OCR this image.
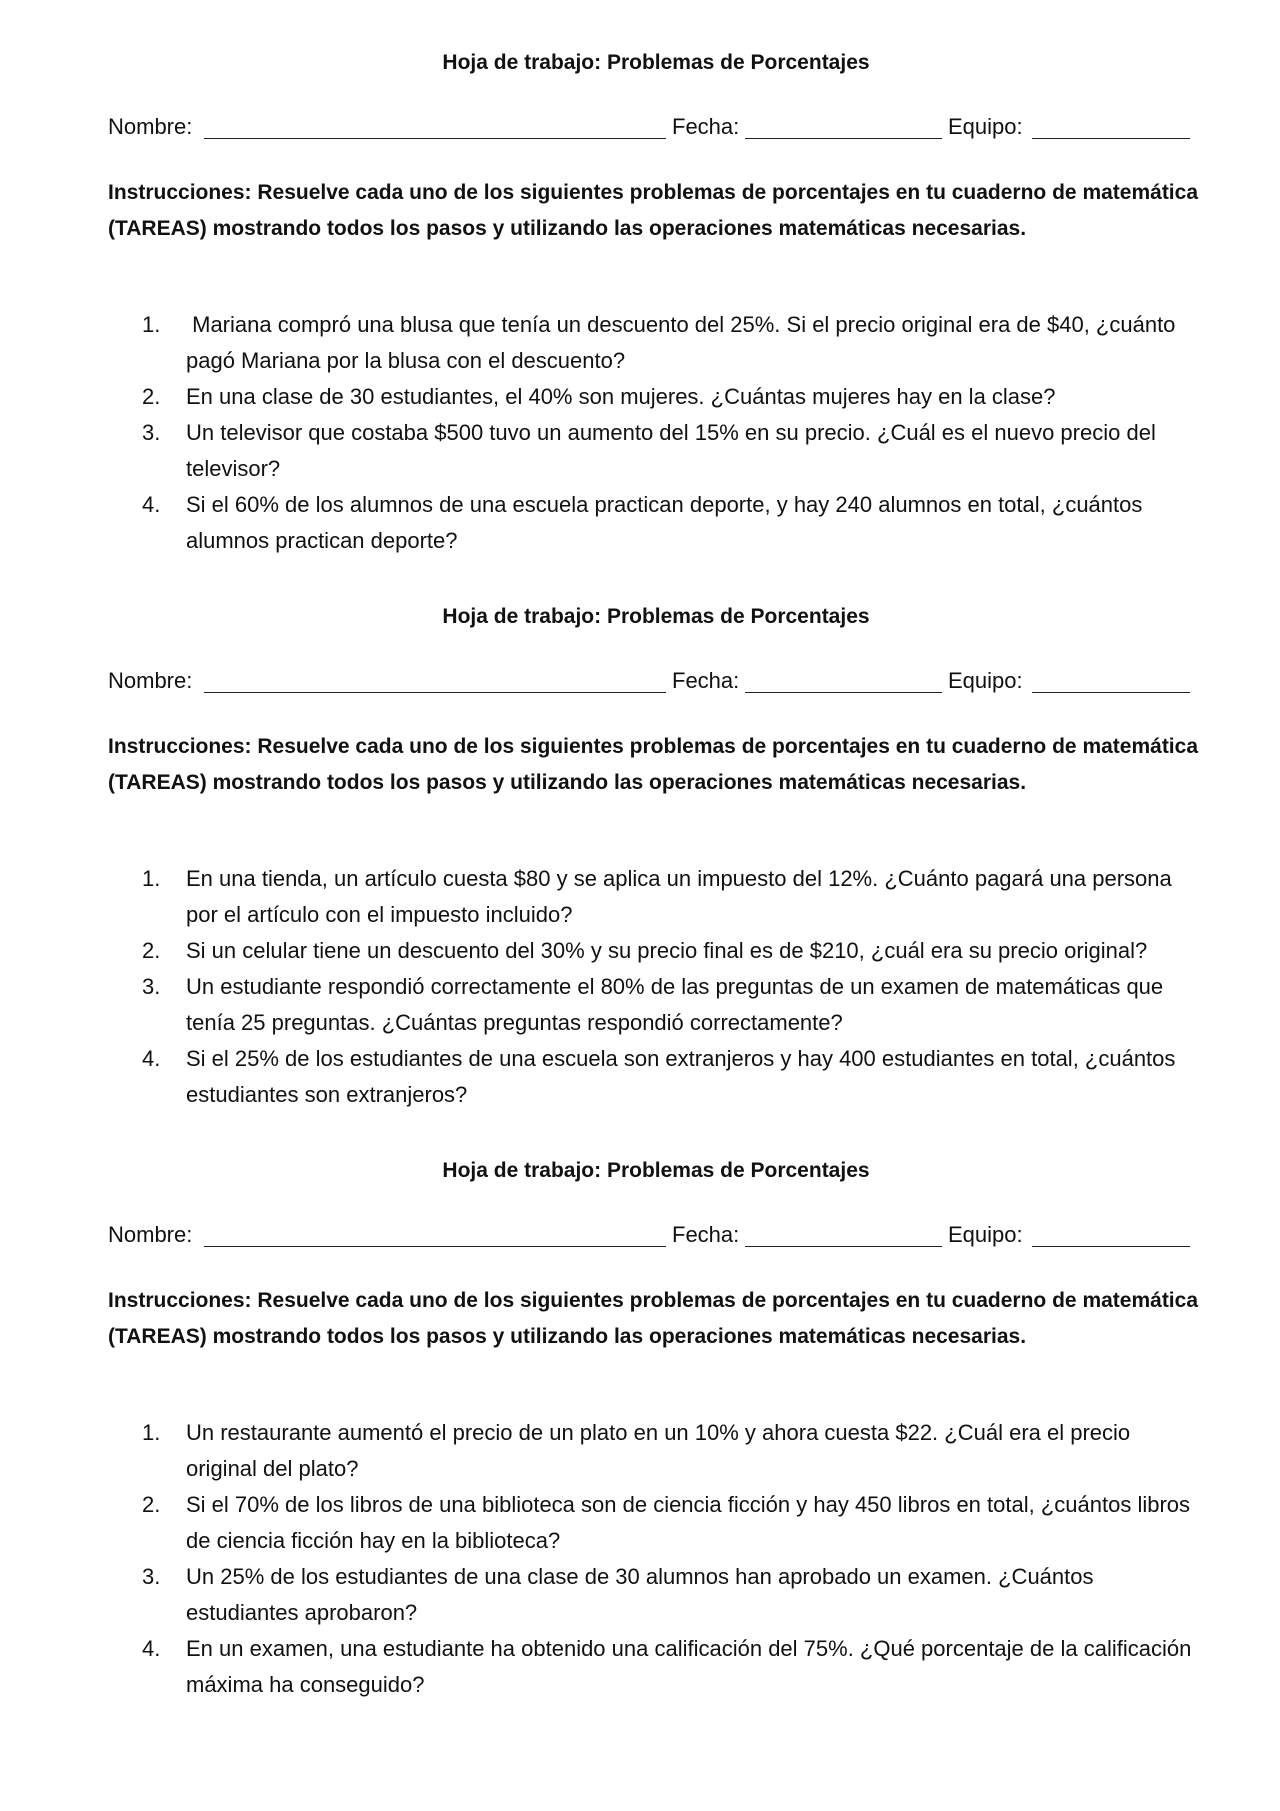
Hoja de trabajo: Problemas de Porcentajes
Nombre:	Fecha:	Equipo:

Instrucciones: Resuelve cada uno de los siguientes problemas de porcentajes en tu cuaderno de matemática (TAREAS) mostrando todos los pasos y utilizando las operaciones matemáticas necesarias.

1. Mariana compró una blusa que tenía un descuento del 25%. Si el precio original era de $40, ¿cuánto pagó Mariana por la blusa con el descuento?
2. En una clase de 30 estudiantes, el 40% son mujeres. ¿Cuántas mujeres hay en la clase?
3. Un televisor que costaba $500 tuvo un aumento del 15% en su precio. ¿Cuál es el nuevo precio del televisor?
4. Si el 60% de los alumnos de una escuela practican deporte, y hay 240 alumnos en total, ¿cuántos alumnos practican deporte?
Hoja de trabajo: Problemas de Porcentajes
Nombre:	Fecha:	Equipo:

Instrucciones: Resuelve cada uno de los siguientes problemas de porcentajes en tu cuaderno de matemática (TAREAS) mostrando todos los pasos y utilizando las operaciones matemáticas necesarias.

1. En una tienda, un artículo cuesta $80 y se aplica un impuesto del 12%. ¿Cuánto pagará una persona por el artículo con el impuesto incluido?
2. Si un celular tiene un descuento del 30% y su precio final es de $210, ¿cuál era su precio original?
3. Un estudiante respondió correctamente el 80% de las preguntas de un examen de matemáticas que tenía 25 preguntas. ¿Cuántas preguntas respondió correctamente?
4. Si el 25% de los estudiantes de una escuela son extranjeros y hay 400 estudiantes en total, ¿cuántos estudiantes son extranjeros?
Hoja de trabajo: Problemas de Porcentajes
Nombre:	Fecha:	Equipo:

Instrucciones: Resuelve cada uno de los siguientes problemas de porcentajes en tu cuaderno de matemática (TAREAS) mostrando todos los pasos y utilizando las operaciones matemáticas necesarias.

1. Un restaurante aumentó el precio de un plato en un 10% y ahora cuesta $22. ¿Cuál era el precio original del plato?
2. Si el 70% de los libros de una biblioteca son de ciencia ficción y hay 450 libros en total, ¿cuántos libros de ciencia ficción hay en la biblioteca?
3. Un 25% de los estudiantes de una clase de 30 alumnos han aprobado un examen. ¿Cuántos estudiantes aprobaron?
4. En un examen, una estudiante ha obtenido una calificación del 75%. ¿Qué porcentaje de la calificación máxima ha conseguido?
